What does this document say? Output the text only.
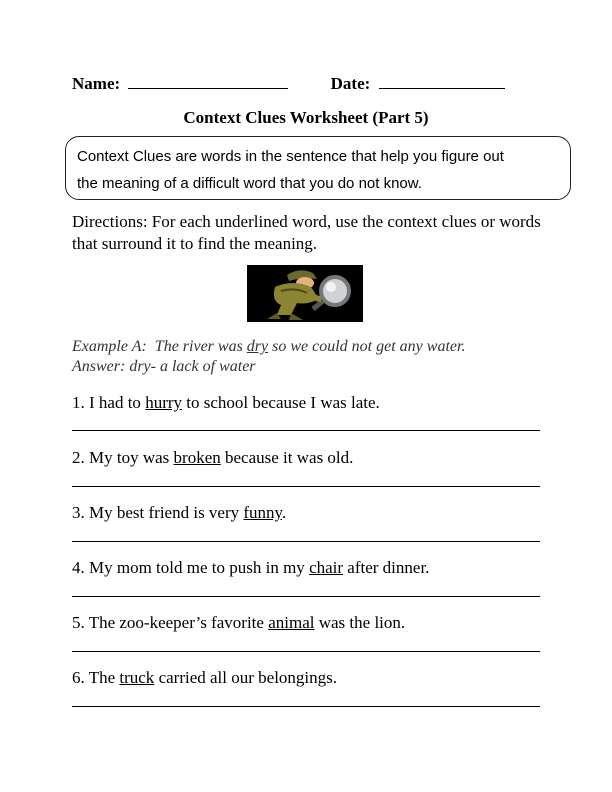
Name:	Date:
Context Clues Worksheet (Part 5)

Context Clues are words in the sentence that help you figure out

the meaning of a difficult word that you do not know.

Directions: For each underlined word, use the context clues or words that surround it to find the meaning.
Example A: The river was dry so we could not get any water.
Answer: dry- a lack of water
1. I had to hurry to school because I was late.
2. My toy was broken because it was old.
3. My best friend is very funny.
4. My mom told me to push in my chair after dinner.
5. The zoo-keeper’s favorite animal was the lion.
6. The truck carried all our belongings.
